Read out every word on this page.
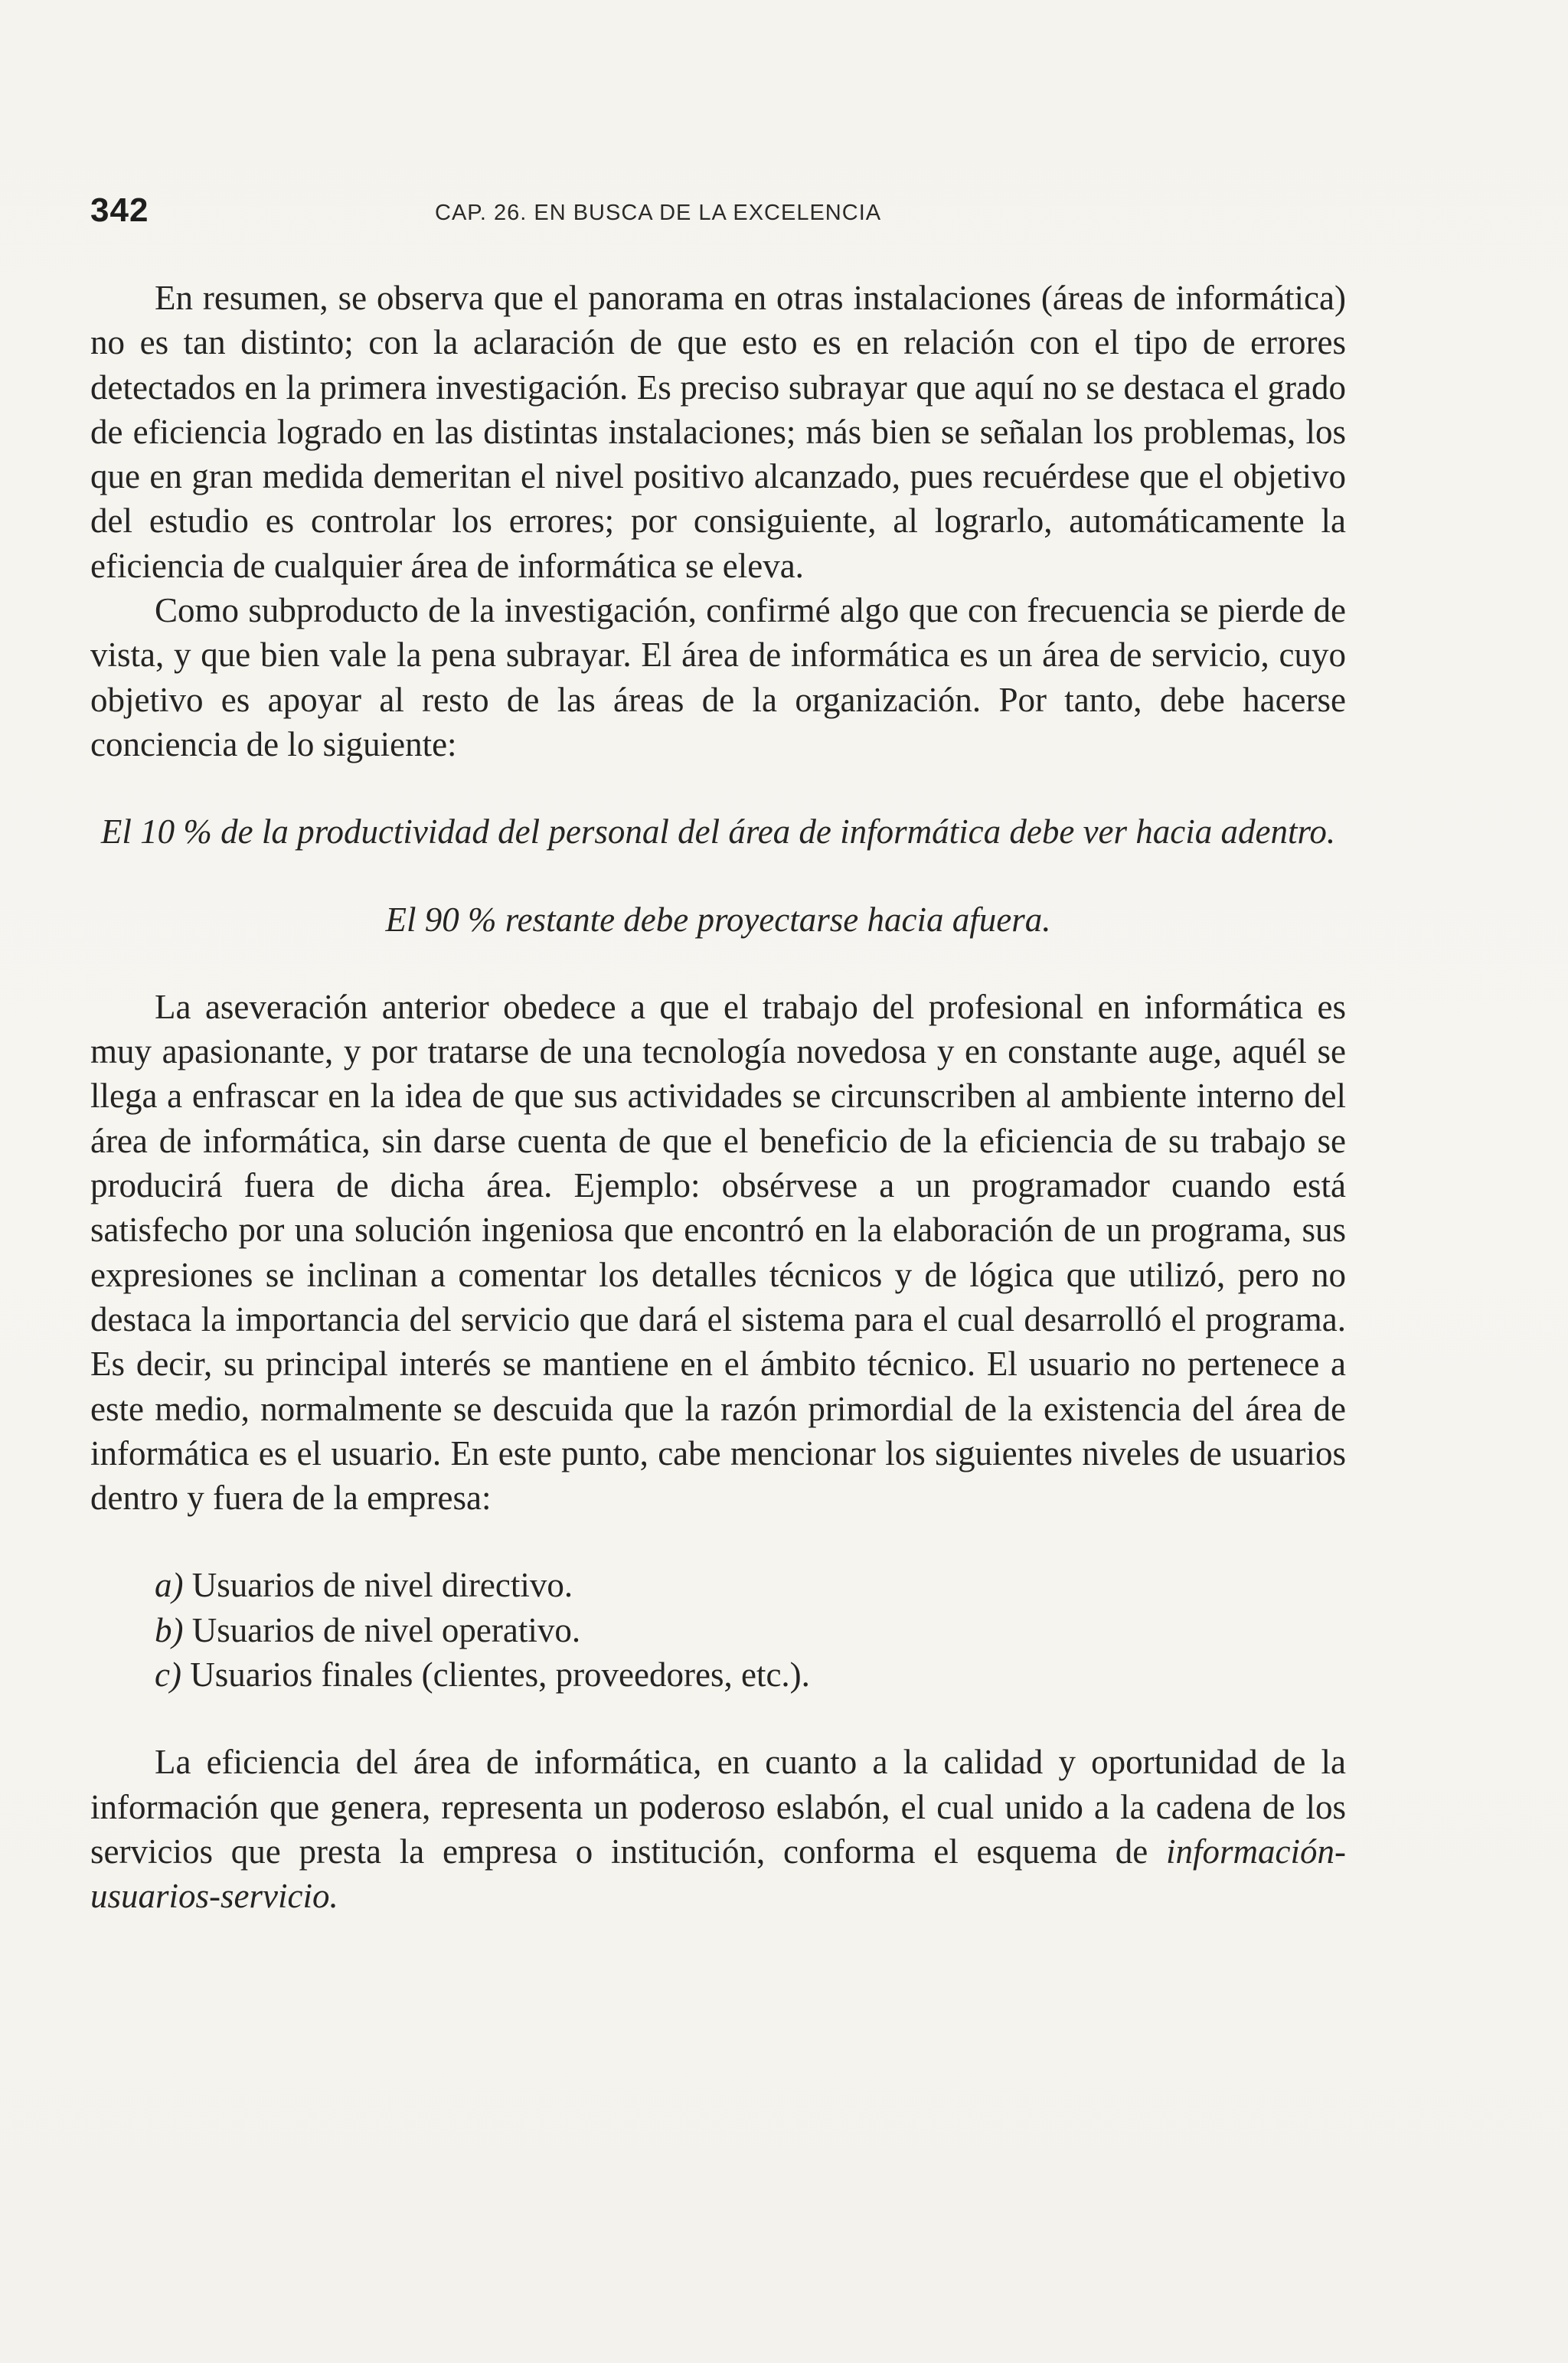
342	CAP. 26. EN BUSCA DE LA EXCELENCIA

En resumen, se observa que el panorama en otras instalaciones (áreas de informática) no es tan distinto; con la aclaración de que esto es en relación con el tipo de errores detectados en la primera investigación. Es preciso subrayar que aquí no se destaca el grado de eficiencia logrado en las distintas instalaciones; más bien se señalan los problemas, los que en gran medida demeritan el nivel positivo alcanzado, pues recuérdese que el objetivo del estudio es controlar los errores; por consiguiente, al lograrlo, automáticamente la eficiencia de cualquier área de informática se eleva.

Como subproducto de la investigación, confirmé algo que con frecuencia se pierde de vista, y que bien vale la pena subrayar. El área de informática es un área de servicio, cuyo objetivo es apoyar al resto de las áreas de la organización. Por tanto, debe hacerse conciencia de lo siguiente:

El 10 % de la productividad del personal del área de informática debe ver hacia adentro.
El 90 % restante debe proyectarse hacia afuera.

La aseveración anterior obedece a que el trabajo del profesional en informática es muy apasionante, y por tratarse de una tecnología novedosa y en constante auge, aquél se llega a enfrascar en la idea de que sus actividades se circunscriben al ambiente interno del área de informática, sin darse cuenta de que el beneficio de la eficiencia de su trabajo se producirá fuera de dicha área. Ejemplo: obsérvese a un programador cuando está satisfecho por una solución ingeniosa que encontró en la elaboración de un programa, sus expresiones se inclinan a comentar los detalles técnicos y de lógica que utilizó, pero no destaca la importancia del servicio que dará el sistema para el cual desarrolló el programa. Es decir, su principal interés se mantiene en el ámbito técnico. El usuario no pertenece a este medio, normalmente se descuida que la razón primordial de la existencia del área de informática es el usuario. En este punto, cabe mencionar los siguientes niveles de usuarios dentro y fuera de la empresa:

a) Usuarios de nivel directivo.
b) Usuarios de nivel operativo.
c) Usuarios finales (clientes, proveedores, etc.).

La eficiencia del área de informática, en cuanto a la calidad y oportunidad de la información que genera, representa un poderoso eslabón, el cual unido a la cadena de los servicios que presta la empresa o institución, conforma el esquema de información-usuarios-servicio.
